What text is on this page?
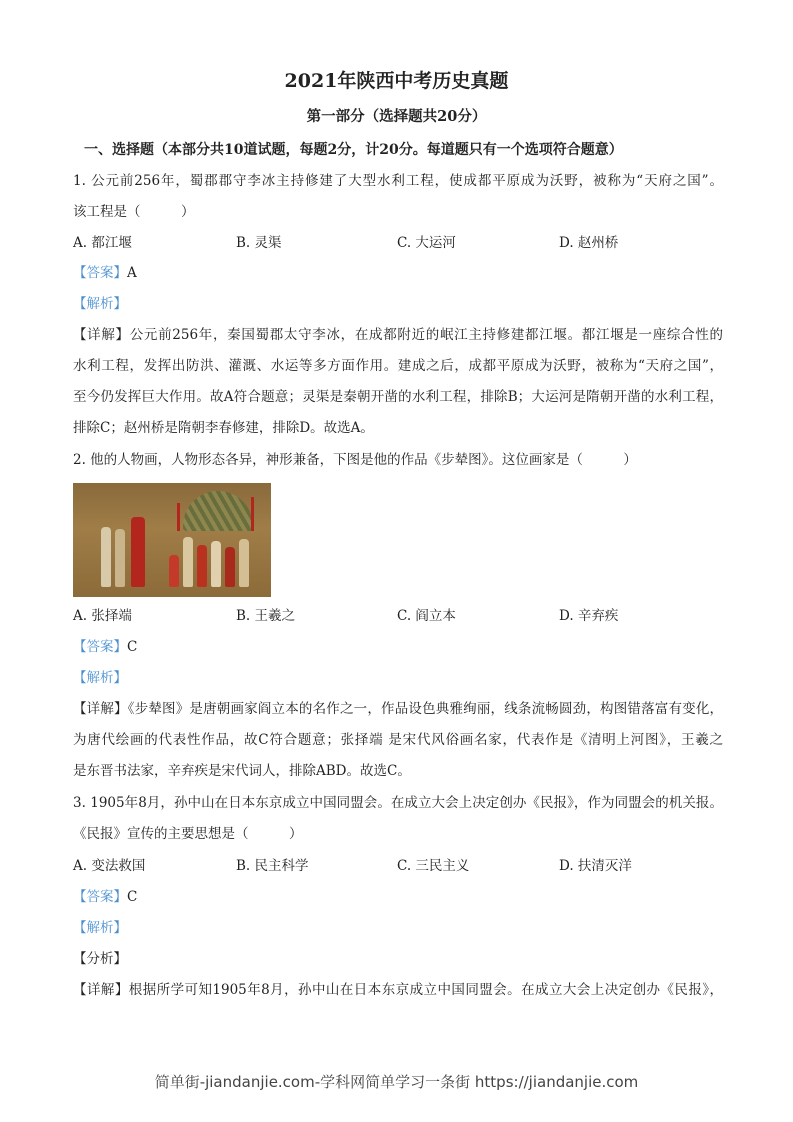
2021年陕西中考历史真题
第一部分（选择题共20分）
一、选择题（本部分共10道试题，每题2分，计20分。每道题只有一个选项符合题意）
1. 公元前256年，蜀郡郡守李冰主持修建了大型水利工程，使成都平原成为沃野，被称为“天府之国”。
该工程是（　　　）
A. 都江堰	B. 灵渠	C. 大运河	D. 赵州桥
【答案】A
【解析】
【详解】公元前256年，秦国蜀郡太守李冰，在成都附近的岷江主持修建都江堰。都江堰是一座综合性的
水利工程，发挥出防洪、灌溉、水运等多方面作用。建成之后，成都平原成为沃野，被称为“天府之国”，
至今仍发挥巨大作用。故A符合题意；灵渠是秦朝开凿的水利工程，排除B；大运河是隋朝开凿的水利工程，
排除C；赵州桥是隋朝李春修建，排除D。故选A。
2. 他的人物画，人物形态各异，神形兼备，下图是他的作品《步辇图》。这位画家是（　　　）
A. 张择端	B. 王羲之	C. 阎立本	D. 辛弃疾
【答案】C
【解析】
【详解】《步辇图》是唐朝画家阎立本的名作之一，作品设色典雅绚丽，线条流畅圆劲，构图错落富有变化，
为唐代绘画的代表性作品，故C符合题意；张择端 是宋代风俗画名家，代表作是《清明上河图》，王羲之
是东晋书法家，辛弃疾是宋代词人，排除ABD。故选C。
3. 1905年8月，孙中山在日本东京成立中国同盟会。在成立大会上决定创办《民报》，作为同盟会的机关报。
《民报》宣传的主要思想是（　　　）
A. 变法救国	B. 民主科学	C. 三民主义	D. 扶清灭洋
【答案】C
【解析】
【分析】
【详解】根据所学可知1905年8月，孙中山在日本东京成立中国同盟会。在成立大会上决定创办《民报》，
简单街-jiandanjie.com-学科网简单学习一条街 https://jiandanjie.com
